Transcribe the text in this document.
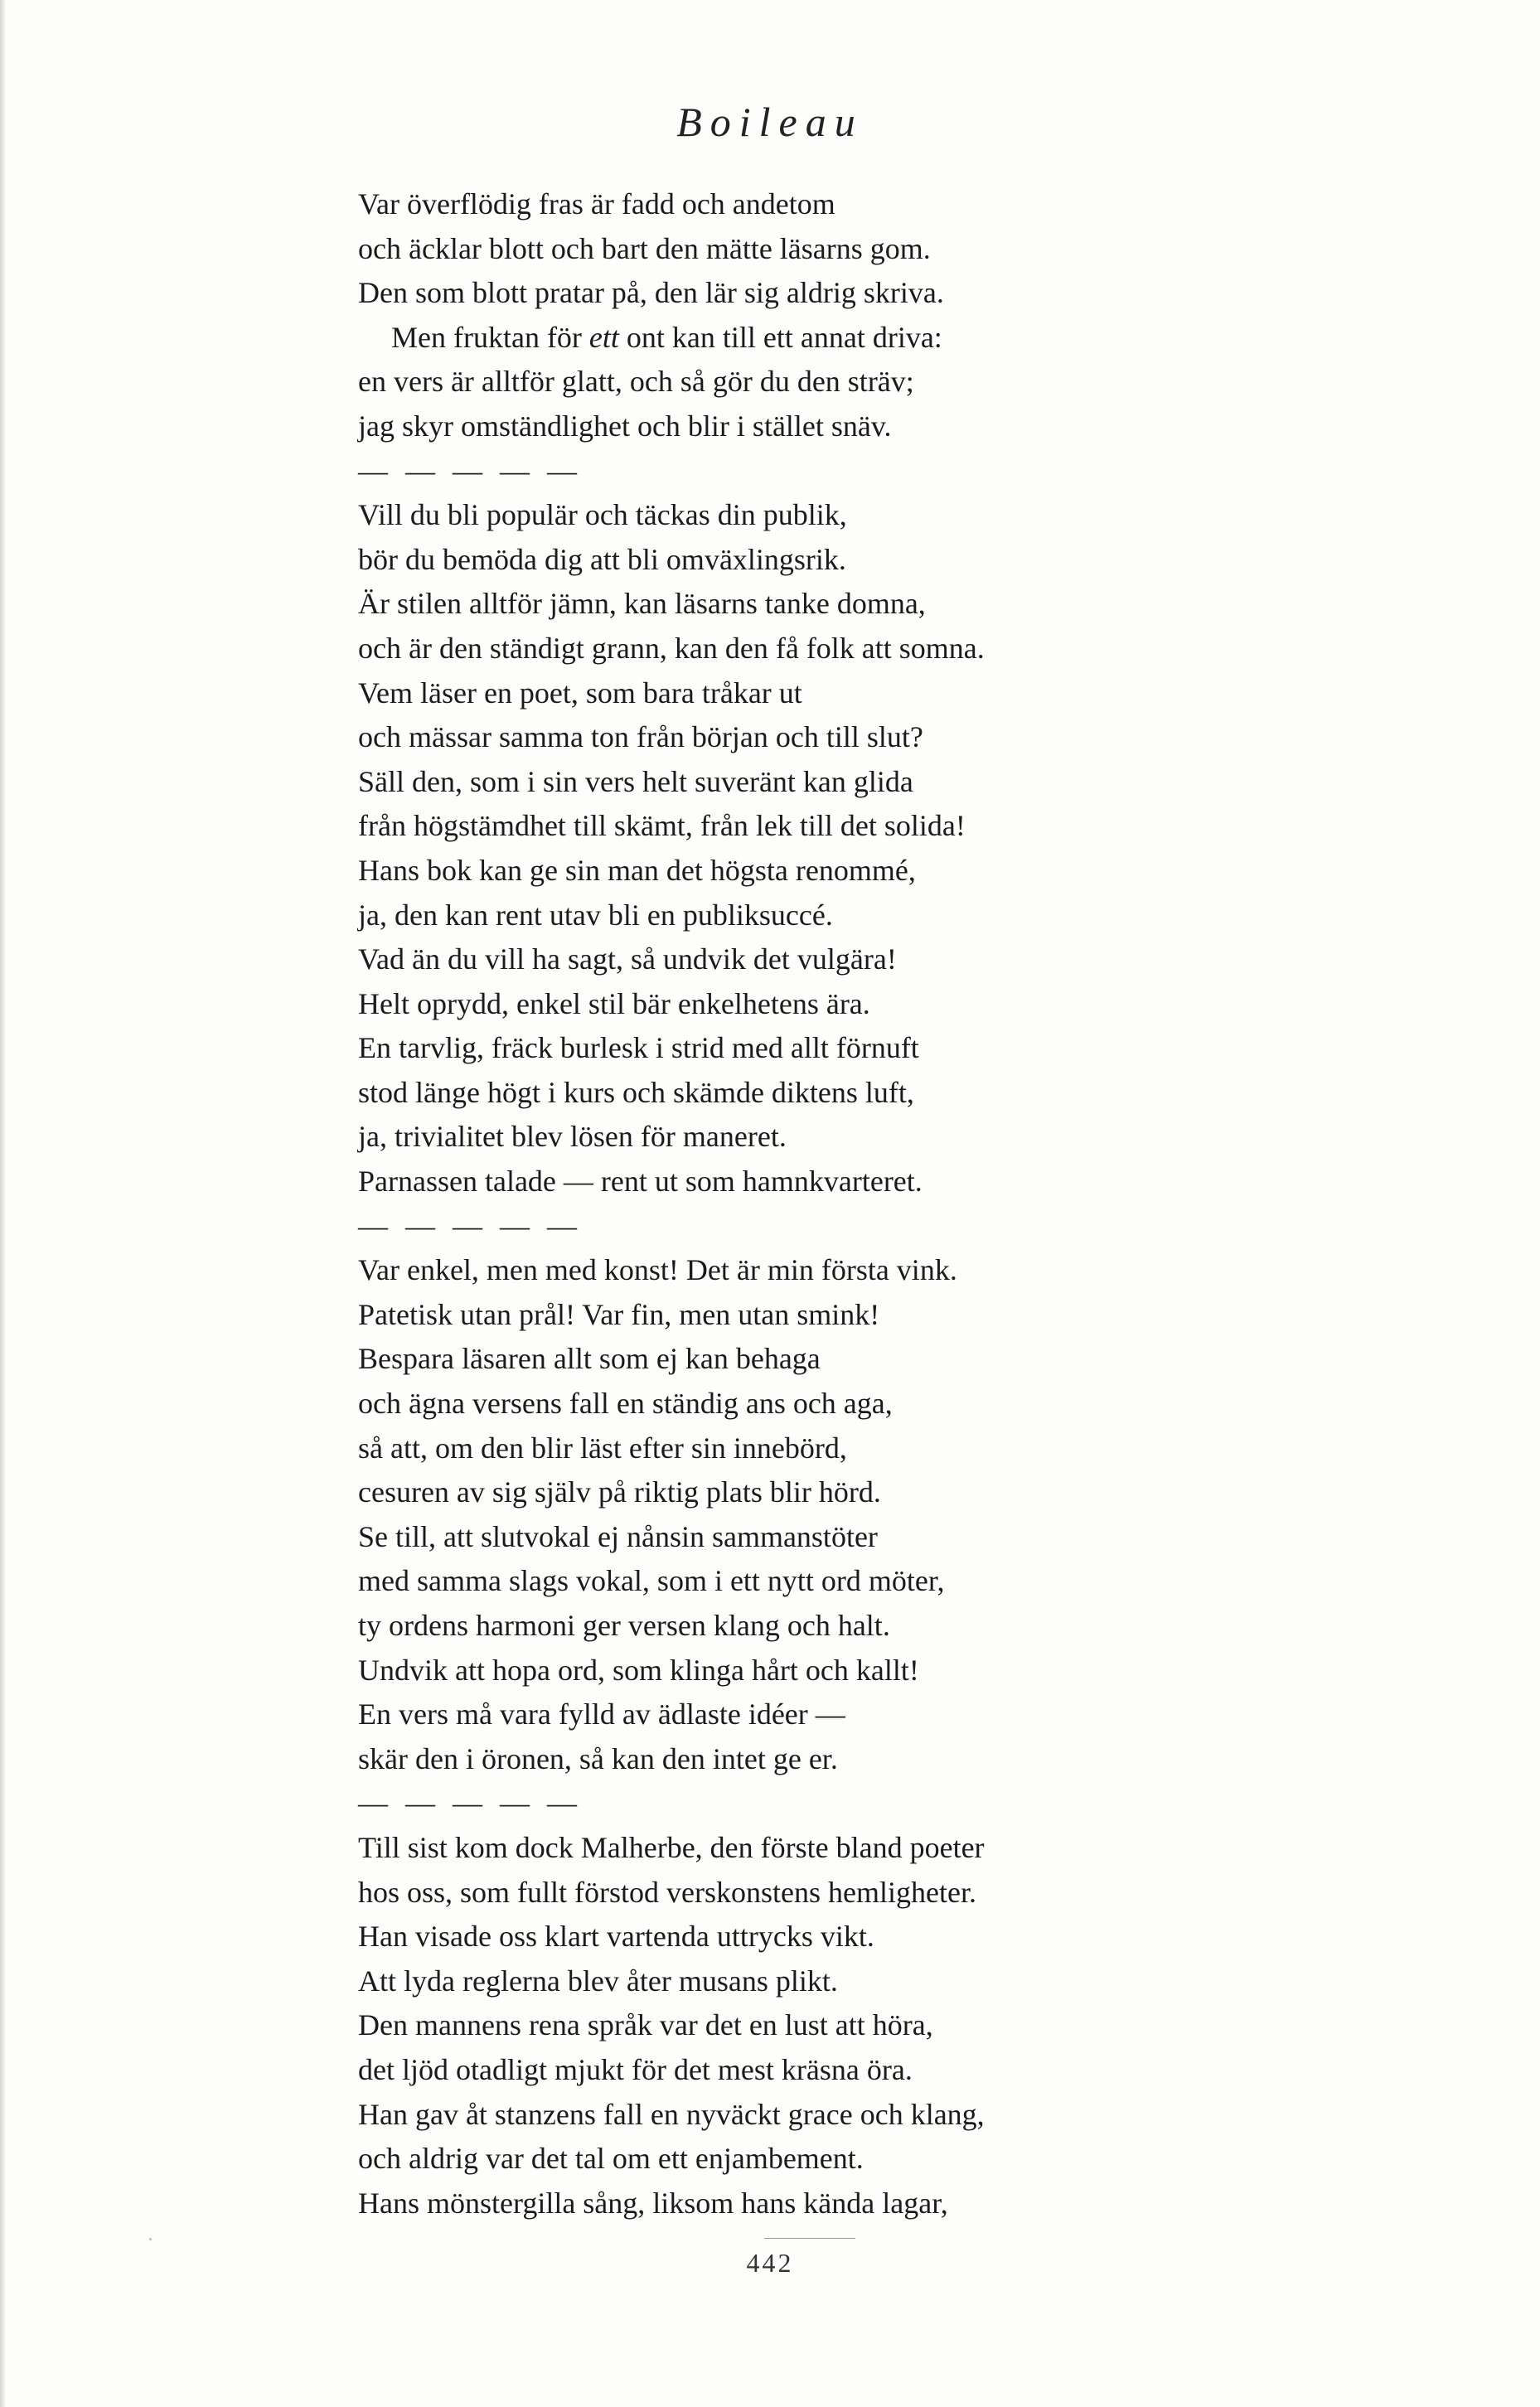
Boileau
Var överflödig fras är fadd och andetom
och äcklar blott och bart den mätte läsarns gom.
Den som blott pratar på, den lär sig aldrig skriva.
Men fruktan för ett ont kan till ett annat driva:
en vers är alltför glatt, och så gör du den sträv;
jag skyr omständlighet och blir i stället snäv.
— — — — —
Vill du bli populär och täckas din publik,
bör du bemöda dig att bli omväxlingsrik.
Är stilen alltför jämn, kan läsarns tanke domna,
och är den ständigt grann, kan den få folk att somna.
Vem läser en poet, som bara tråkar ut
och mässar samma ton från början och till slut?
Säll den, som i sin vers helt suveränt kan glida
från högstämdhet till skämt, från lek till det solida!
Hans bok kan ge sin man det högsta renommé,
ja, den kan rent utav bli en publiksuccé.
Vad än du vill ha sagt, så undvik det vulgära!
Helt oprydd, enkel stil bär enkelhetens ära.
En tarvlig, fräck burlesk i strid med allt förnuft
stod länge högt i kurs och skämde diktens luft,
ja, trivialitet blev lösen för maneret.
Parnassen talade — rent ut som hamnkvarteret.
— — — — —
Var enkel, men med konst! Det är min första vink.
Patetisk utan prål! Var fin, men utan smink!
Bespara läsaren allt som ej kan behaga
och ägna versens fall en ständig ans och aga,
så att, om den blir läst efter sin innebörd,
cesuren av sig själv på riktig plats blir hörd.
Se till, att slutvokal ej nånsin sammanstöter
med samma slags vokal, som i ett nytt ord möter,
ty ordens harmoni ger versen klang och halt.
Undvik att hopa ord, som klinga hårt och kallt!
En vers må vara fylld av ädlaste idéer —
skär den i öronen, så kan den intet ge er.
— — — — —
Till sist kom dock Malherbe, den förste bland poeter
hos oss, som fullt förstod verskonstens hemligheter.
Han visade oss klart vartenda uttrycks vikt.
Att lyda reglerna blev åter musans plikt.
Den mannens rena språk var det en lust att höra,
det ljöd otadligt mjukt för det mest kräsna öra.
Han gav åt stanzens fall en nyväckt grace och klang,
och aldrig var det tal om ett enjambement.
Hans mönstergilla sång, liksom hans kända lagar,
442
